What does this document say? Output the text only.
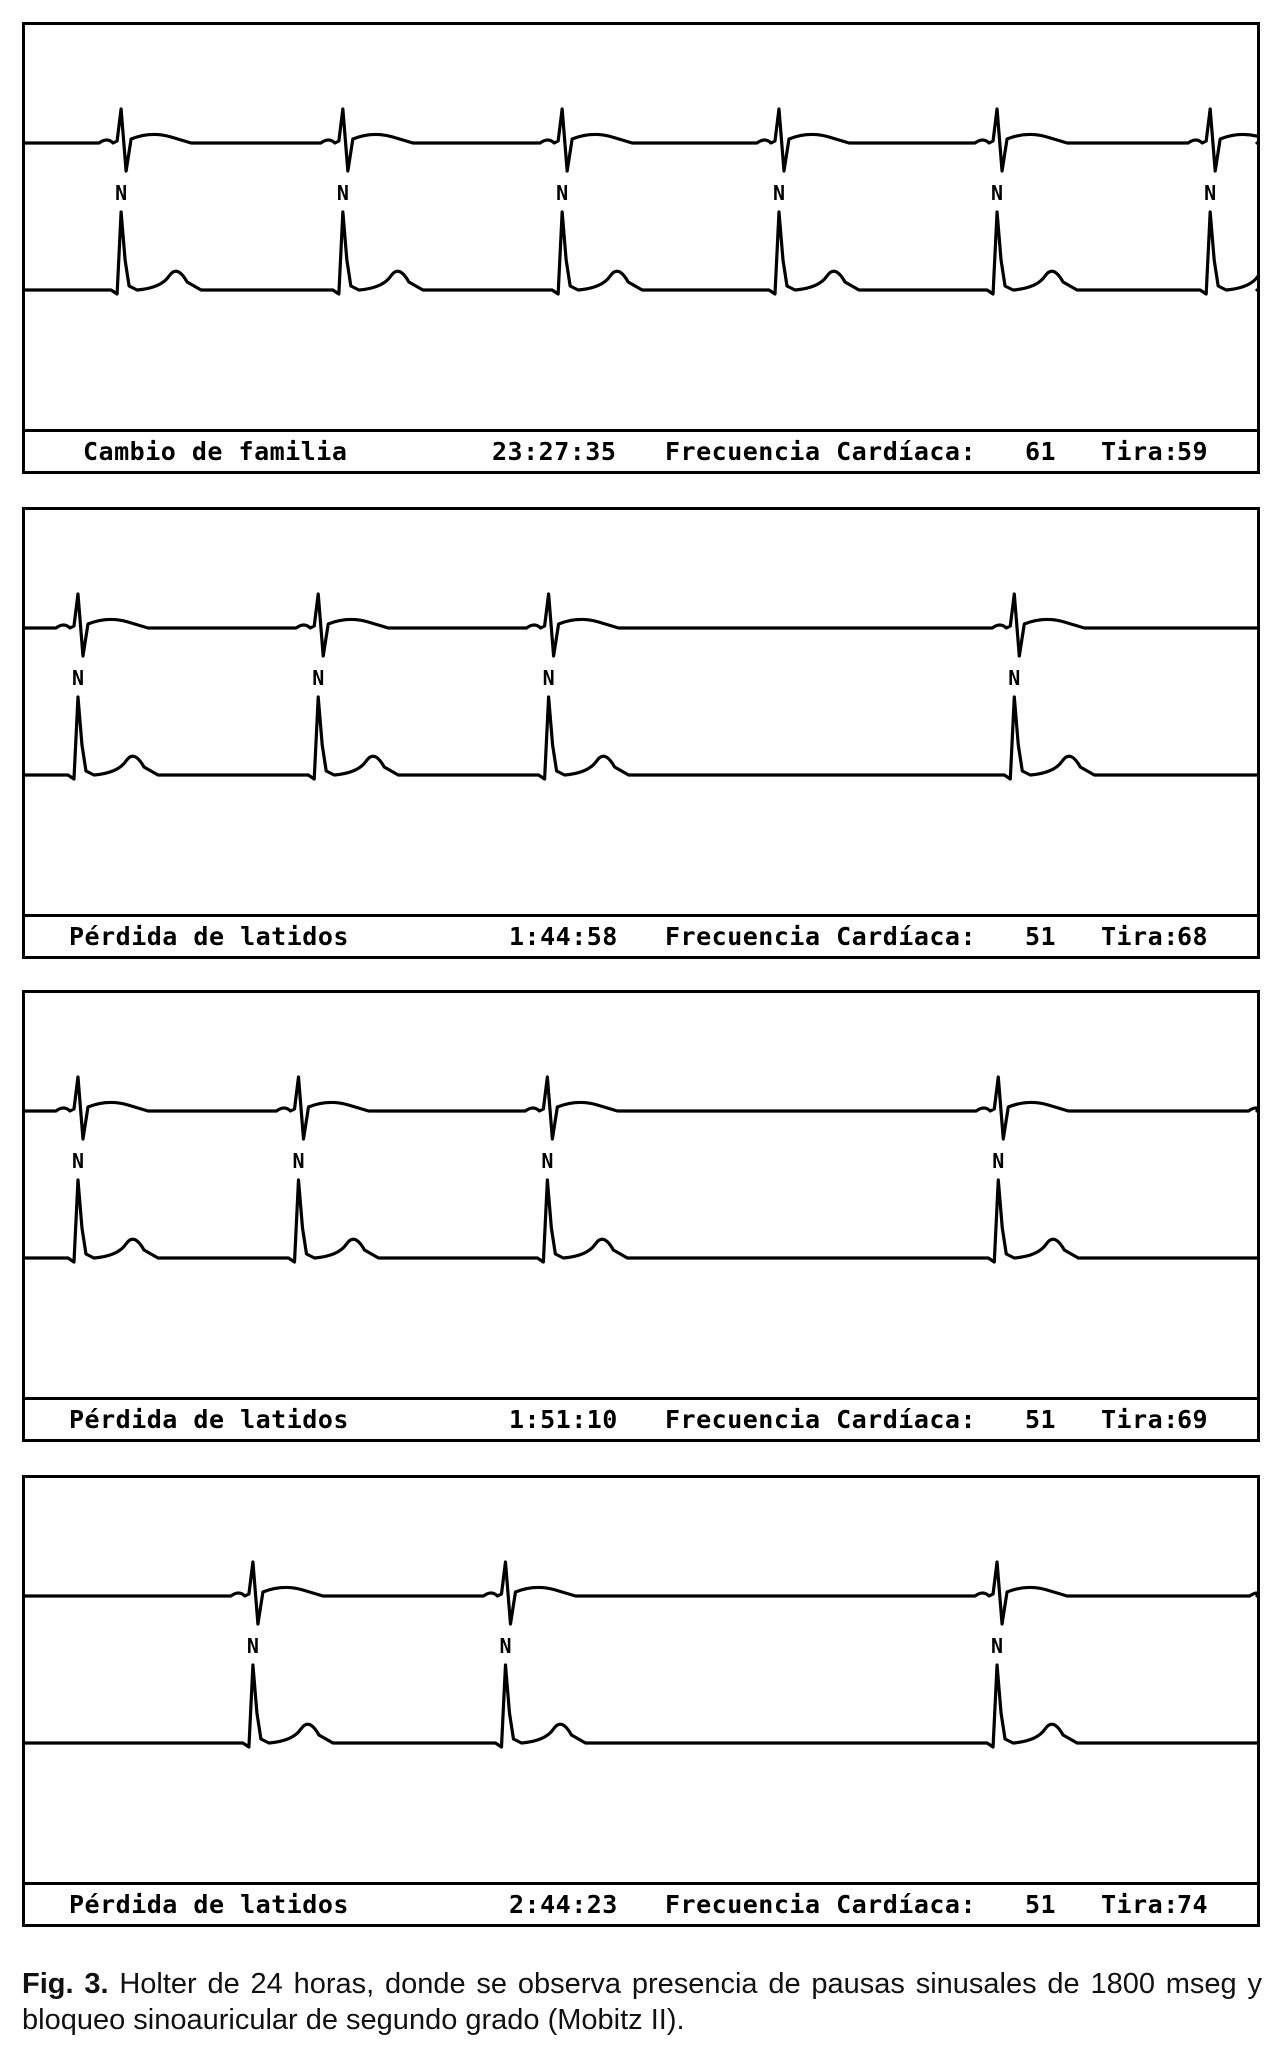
N	N	N	N	N	N
Cambio de familia	23:27:35 Frecuencia Cardíaca: 61 Tira:
59
N	N	N	N
Pérdida de latidos	1:44:58 Frecuencia Cardíaca: 51 Tira:
68
N	N	N	N
Pérdida de latidos	1:51:10 Frecuencia Cardíaca: 51 Tira:
69
N	N	N
Pérdida de latidos	2:44:23 Frecuencia Cardíaca: 51 Tira:
74
Fig. 3. Holter de 24 horas, donde se observa presencia de pausas sinusales de 1800 mseg y bloqueo sinoauricular de segundo grado (Mobitz II).
